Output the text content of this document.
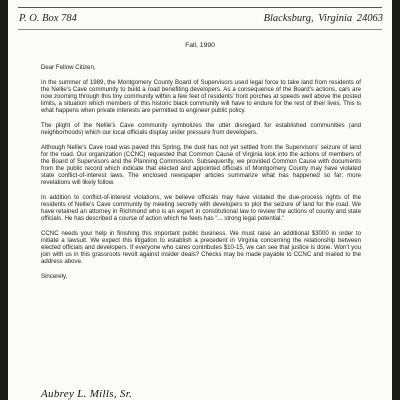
P. O. Box 784	Blacksburg, Virginia 24063
Fall, 1990

Dear Fellow Citizen,

In the summer of 1989, the Montgomery County Board of Supervisors used legal force to take land from residents of the Nellie's Cave community to build a road benefiting developers. As a consequence of the Board's actions, cars are now zooming through this tiny community within a few feet of residents' front porches at speeds well above the posted limits, a situation which members of this historic black community will have to endure for the rest of their lives. This is what happens when private interests are permitted to engineer public policy.

The plight of the Nellie's Cave community symbolizes the utter disregard for established communities (and neighborhoods) which our local officials display under pressure from developers.

Although Nellie's Cave road was paved this Spring, the dust has not yet settled from the Supervisors' seizure of land for the road. Our organization (CCNC) requested that Common Cause of Virginia look into the actions of members of the Board of Supervisors and the Planning Commission. Subsequently, we provided Common Cause with documents from the public record which indicate that elected and appointed officials of Montgomery County may have violated state conflict-of-interest laws. The enclosed newspaper articles summarize what has happened so far; more revelations will likely follow.

In addition to conflict-of-interest violations, we believe officials may have violated the due-process rights of the residents of Nellie's Cave community by meeting secretly with developers to plot the seizure of land for the road. We have retained an attorney in Richmond who is an expert in constitutional law to review the actions of county and state officials. He has described a course of action which he feels has "... strong legal potential."

CCNC needs your help in finishing this important public business. We must raise an additional $3000 in order to initiate a lawsuit. We expect this litigation to establish a precedent in Virginia concerning the relationship between elected officials and developers. If everyone who cares contributes $10-15, we can see that justice is done. Won't you join with us in this grassroots revolt against insider deals? Checks may be made payable to CCNC and mailed to the address above.

Sincerely,

Aubrey L. Mills, Sr.
